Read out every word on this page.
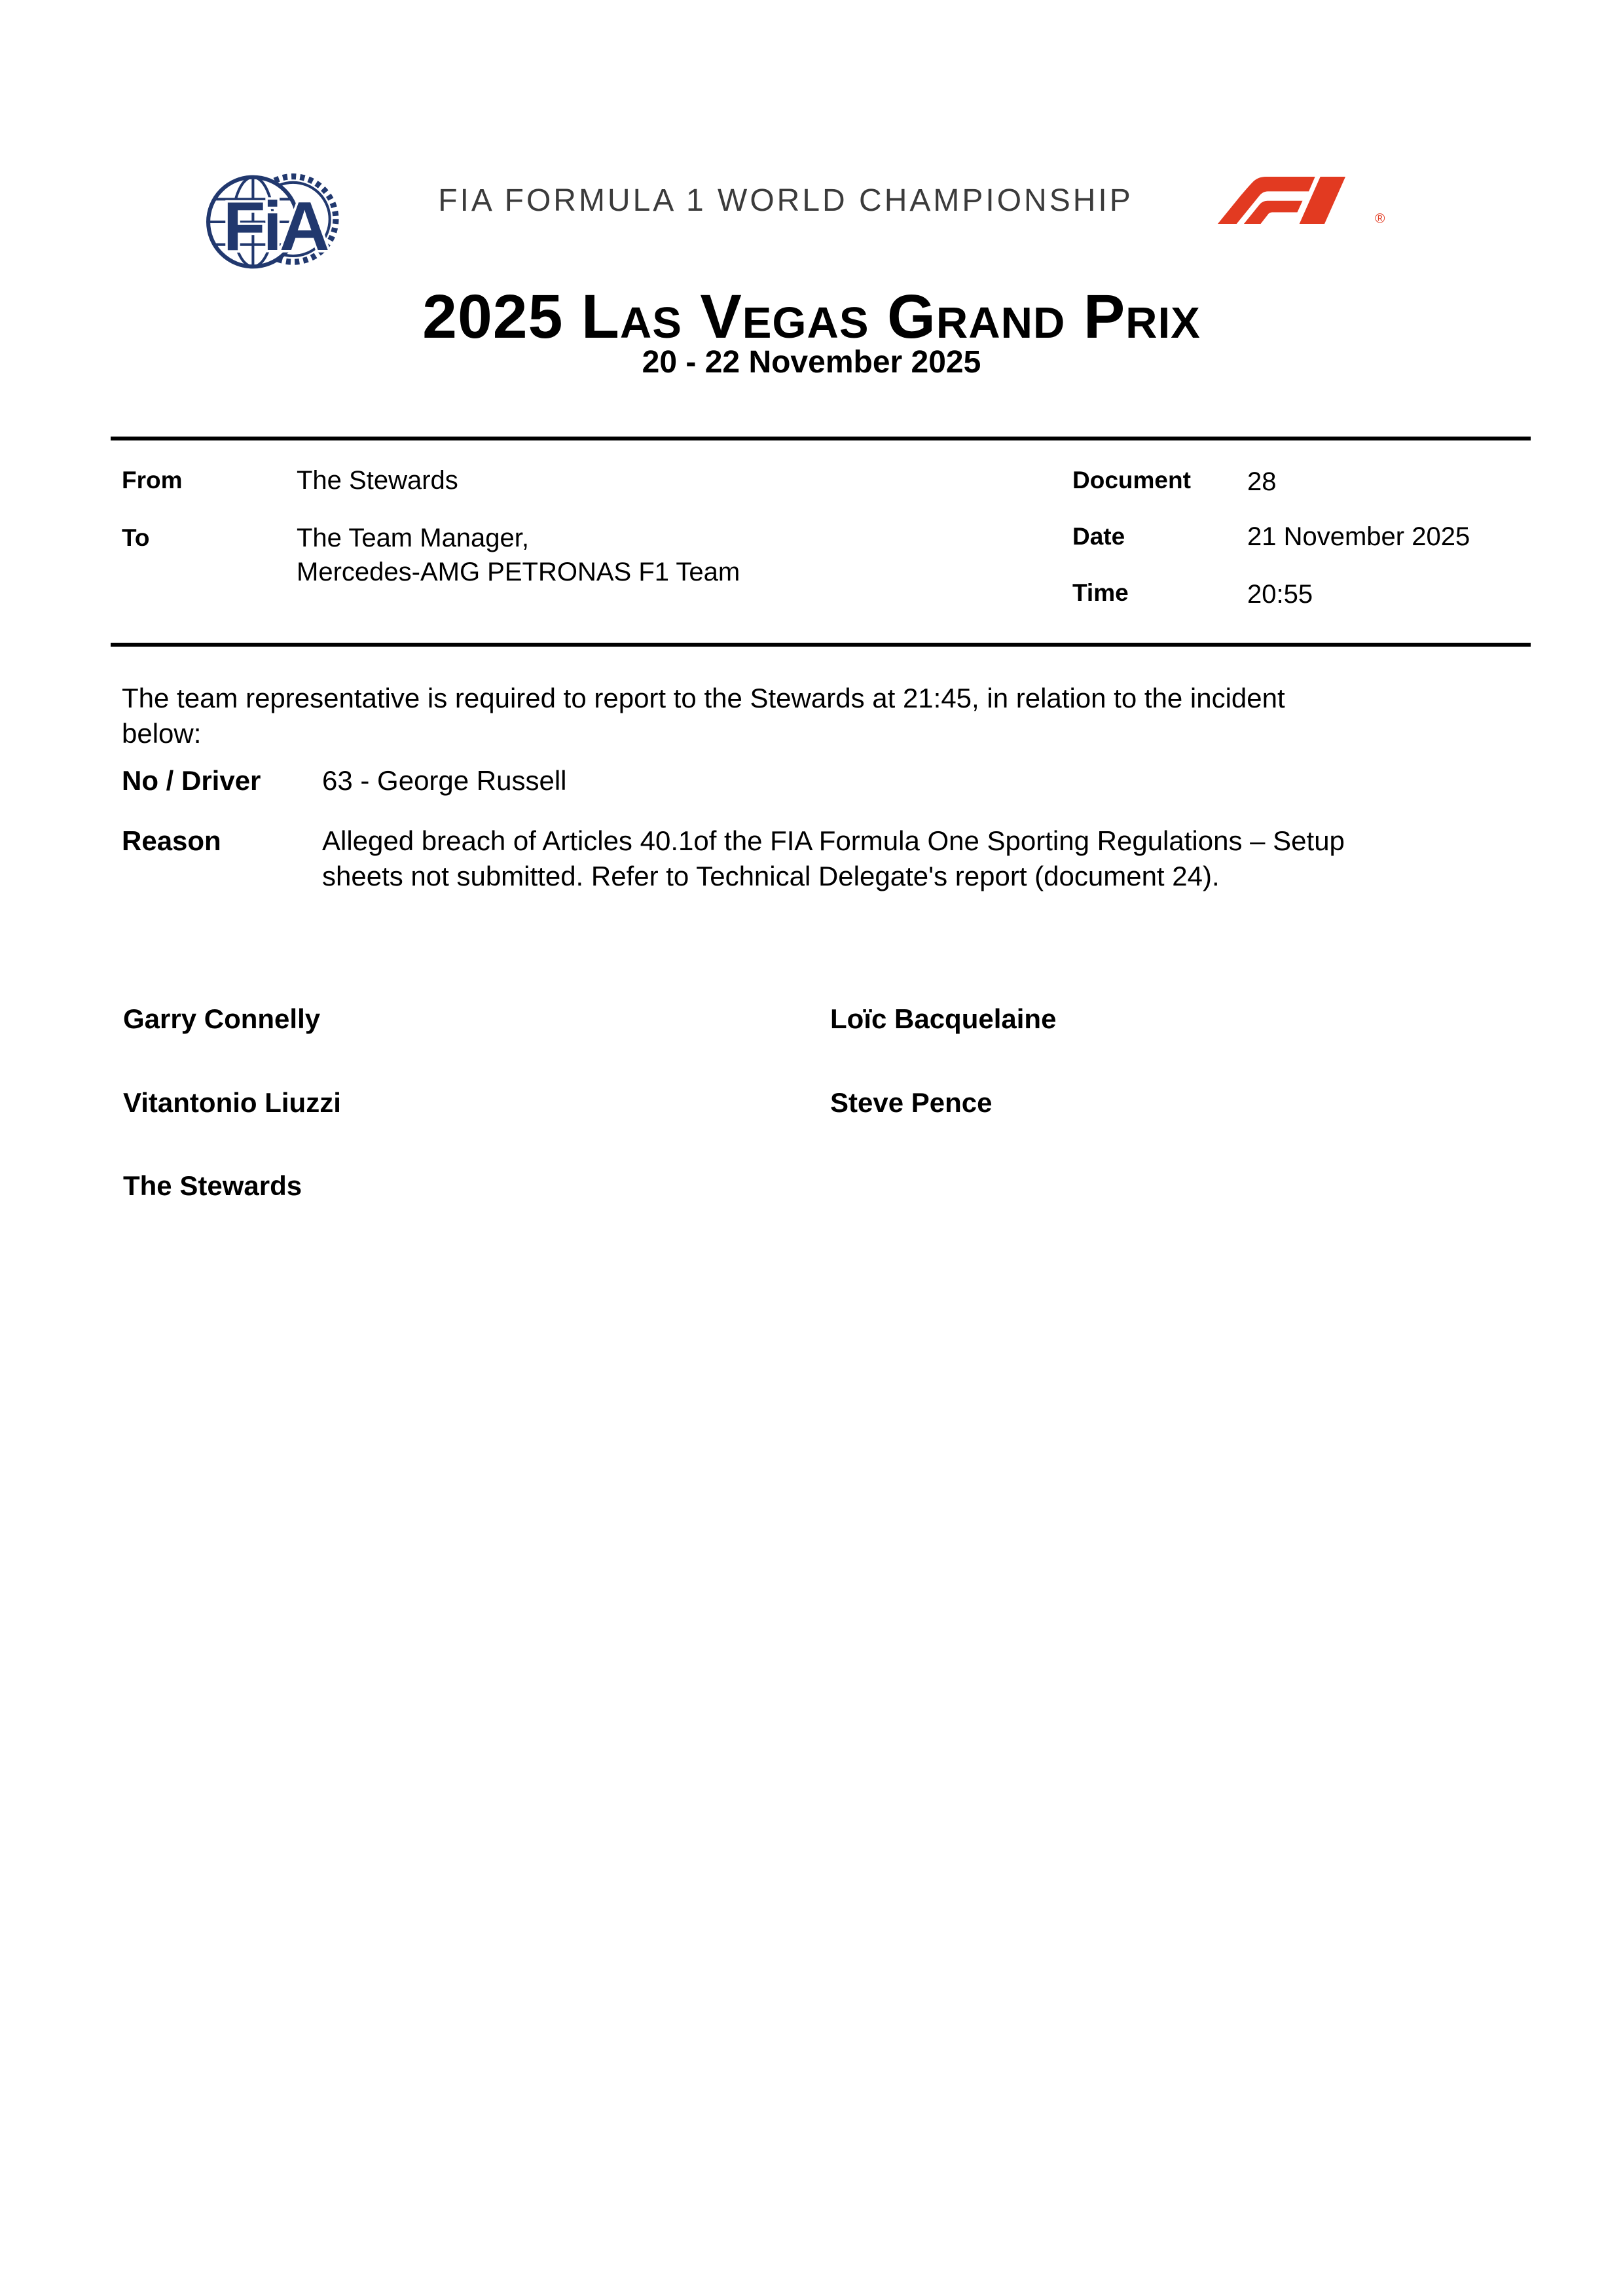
FiA	FIA FORMULA 1 WORLD CHAMPIONSHIP
®
2025 Las Vegas Grand Prix
20 - 22 November 2025
From	The Stewards
To	The Team Manager,
Mercedes-AMG PETRONAS F1 Team
Document 28
Date	21 November 2025
Time	20:55
The team representative is required to report to the Stewards at 21:45, in relation to the incident
below:
No / Driver 63 - George Russell
Reason	Alleged breach of Articles 40.1of the FIA Formula One Sporting Regulations – Setup
sheets not submitted. Refer to Technical Delegate's report (document 24).
Garry Connelly	Loïc Bacquelaine
Vitantonio Liuzzi	Steve Pence
The Stewards
